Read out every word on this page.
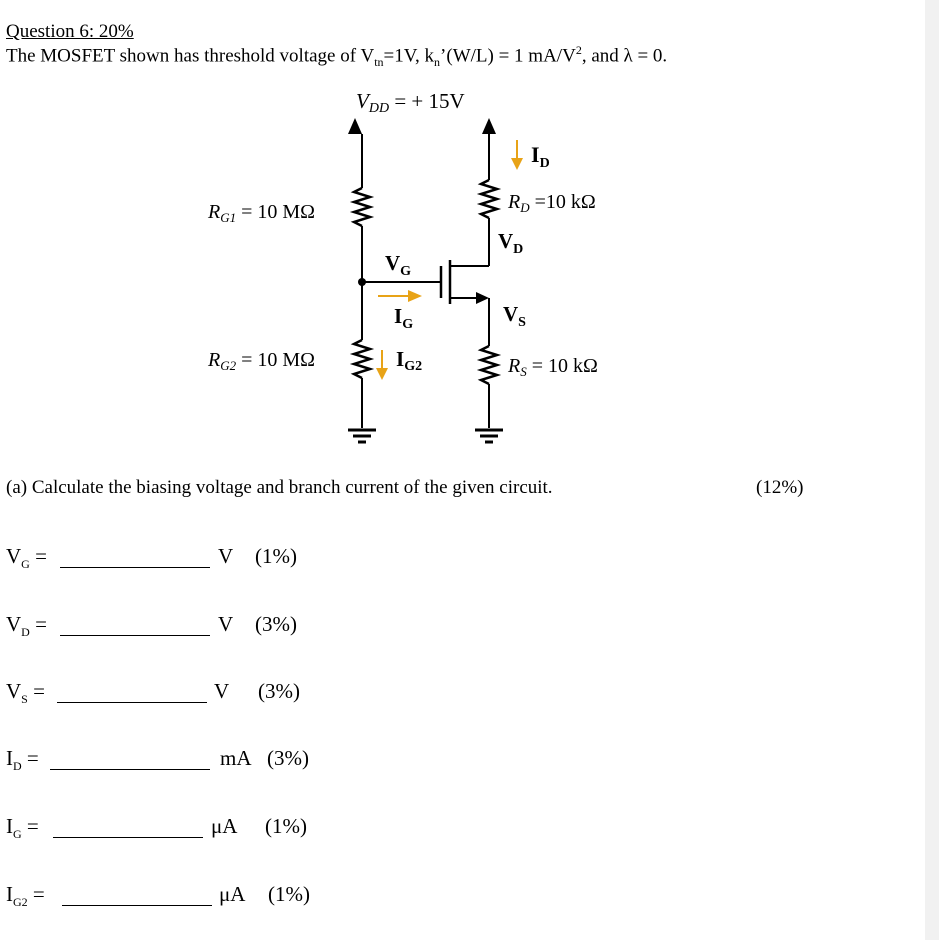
Question 6: 20%
The MOSFET shown has threshold voltage of $V_{tn}=1V$, $k_n’(W/L) = 1$ $mA/V^2$, and λ = 0.
VDD = + 15V
$R_{G1} = 10$ MΩ
$R_{G2} = 10$ MΩ
$R_D =10$ kΩ
$R_S = 10$ kΩ
$I_D$
$V_D$
$V_G$
$I_G$	$V_S$
IG2
(a) Calculate the biasing voltage and branch current of the given circuit.	(12%)
$V_G$ =	V (1%)
$V_D$ =	V (3%)
$V_S$ =	V (3%)
$I_D$ =	mA (3%)
$I_G$ =	μA (1%)
$I_{G2}$ =	μA (1%)
